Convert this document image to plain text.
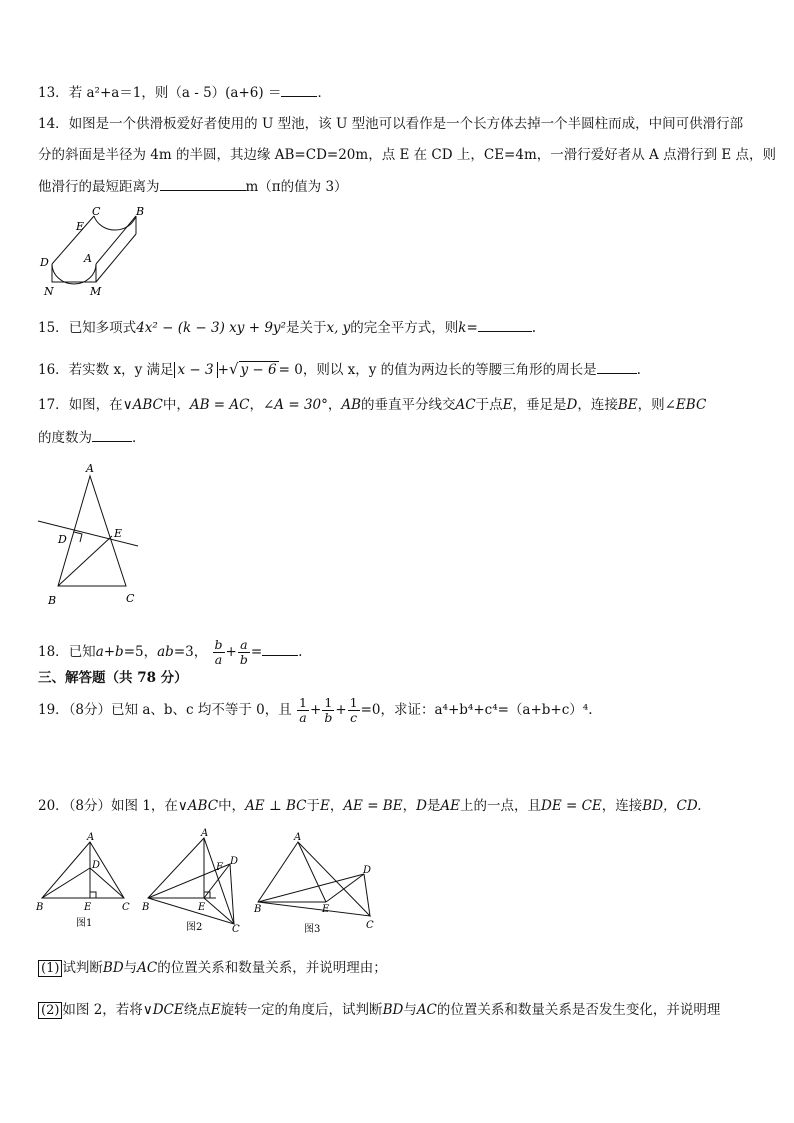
13．若 a²+a＝1，则（a - 5）(a+6) ＝	．
14．如图是一个供滑板爱好者使用的 U 型池，该 U 型池可以看作是一个长方体去掉一个半圆柱而成，中间可供滑行部
分的斜面是半径为 4m 的半圆，其边缘 AB=CD=20m，点 E 在 CD 上，CE=4m，一滑行爱好者从 A 点滑行到 E 点，则
他滑行的最短距离为	m（π的值为 3）
C	B
E
D	A
N	M
15．已知多项式4x² − (k − 3) xy + 9y²是关于x, y的完全平方式，则k=	.
16．若实数 x，y 满足 x − 3 +√ y − 6 = 0，则以 x，y 的值为两边长的等腰三角形的周长是	.
17．如图，在∨ABC中，AB = AC，∠A = 30°，AB的垂直平分线交AC于点E，垂足是D，连接BE，则∠EBC
的度数为	．
A
D	E
B	C
18．已知a+b=5，ab=3， $\frac{b}{a} + \frac{a}{b}$ =	.
三、解答题（共 78 分）
19．（8分）已知 a、b、c 均不等于 0，且 $\frac{1}{a} + \frac{1}{b} + \frac{1}{c} =0$，求证：a⁴+b⁴+c⁴=（a+b+c）⁴.
20．（8分）如图 1，在∨ABC中，AE ⊥ BC于E，AE = BE，D是AE上的一点，且DE = CE，连接BD，CD.
A
D
B	E	C
A
F
D
B	E
C
A
D
B	E
C
图1	图2	图3
(1) 试判断BD与AC的位置关系和数量关系，并说明理由；
(2) 如图 2，若将∨DCE绕点E旋转一定的角度后，试判断BD与AC的位置关系和数量关系是否发生变化，并说明理
